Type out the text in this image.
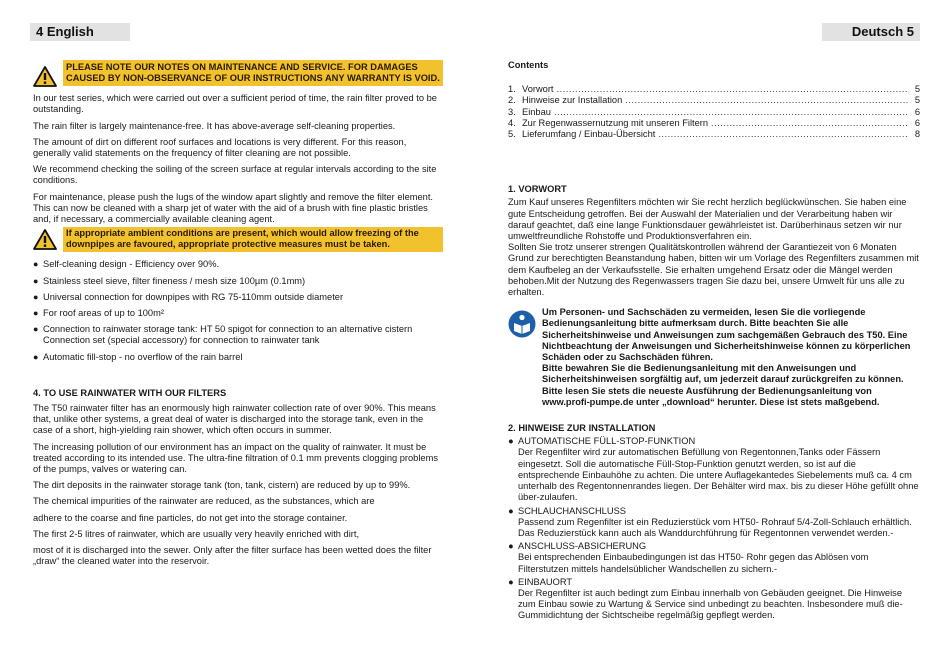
4 English	Deutsch 5
PLEASE NOTE OUR NOTES ON MAINTENANCE AND SERVICE. FOR DAMAGES CAUSED BY NON-OBSERVANCE OF OUR INSTRUCTIONS ANY WARRANTY IS VOID.

In our test series, which were carried out over a sufficient period of time, the rain filter proved to be outstanding.

The rain filter is largely maintenance-free. It has above-average self-cleaning properties.

The amount of dirt on different roof surfaces and locations is very different. For this reason, generally valid statements on the frequency of filter cleaning are not possible.

We recommend checking the soiling of the screen surface at regular intervals according to the site conditions.

For maintenance, please push the lugs of the window apart slightly and remove the filter element. This can now be cleaned with a sharp jet of water with the aid of a brush with fine plastic bristles and, if necessary, a commercially available cleaning agent.

If appropriate ambient conditions are present, which would allow freezing of the downpipes are favoured, appropriate protective measures must be taken.
● Self-cleaning design - Efficiency over 90%.
● Stainless steel sieve, filter fineness / mesh size 100µm (0.1mm)
● Universal connection for downpipes with RG 75-110mm outside diameter
● For roof areas of up to 100m²
● Connection to rainwater storage tank: HT 50 spigot for connection to an alternative cistern
Connection set (special accessory) for connection to rainwater tank
● Automatic fill-stop - no overflow of the rain barrel

4. TO USE RAINWATER WITH OUR FILTERS

The T50 rainwater filter has an enormously high rainwater collection rate of over 90%. This means that, unlike other systems, a great deal of water is discharged into the storage tank, even in the case of a short, high-yielding rain shower, which often occurs in summer.

The increasing pollution of our environment has an impact on the quality of rainwater. It must be treated according to its intended use. The ultra-fine filtration of 0.1 mm prevents clogging problems of the pumps, valves or watering can.

The dirt deposits in the rainwater storage tank (ton, tank, cistern) are reduced by up to 99%.

The chemical impurities of the rainwater are reduced, as the substances, which are

adhere to the coarse and fine particles, do not get into the storage container.

The first 2-5 litres of rainwater, which are usually very heavily enriched with dirt,

most of it is discharged into the sewer. Only after the filter surface has been wetted does the filter „draw“ the cleaned water into the reservoir.

Contents

1. Vorwort .....	5
2. Hinweise zur Installation .....	5
3. Einbau .....	6
4. Zur Regenwassernutzung mit unseren Filtern .....	6
5. Lieferumfang / Einbau-Übersicht .....	8

1. VORWORT

Zum Kauf unseres Regenfilters möchten wir Sie recht herzlich beglückwünschen. Sie haben eine gute Entscheidung getroffen. Bei der Auswahl der Materialien und der Verarbeitung haben wir darauf geachtet, daß eine lange Funktionsdauer gewährleistet ist. Darüberhinaus setzen wir nur umweltfreundliche Rohstoffe und Produktionsverfahren ein.

Sollten Sie trotz unserer strengen Qualitätskontrollen während der Garantiezeit von 6 Monaten Grund zur berechtigten Beanstandung haben, bitten wir um Vorlage des Regenfilters zusammen mit dem Kaufbeleg an der Verkaufsstelle. Sie erhalten umgehend Ersatz oder die Mängel werden behoben.Mit der Nutzung des Regenwassers tragen Sie dazu bei, unsere Umwelt für uns alle zu erhalten.

Um Personen- und Sachschäden zu vermeiden, lesen Sie die vorliegende Bedienungsanleitung bitte aufmerksam durch. Bitte beachten Sie alle Sicherheitshinweise und Anweisungen zum sachgemäßen Gebrauch des T50. Eine Nichtbeachtung der Anweisungen und Sicherheitshinweise können zu körperlichen Schäden oder zu Sachschäden führen.

Bitte bewahren Sie die Bedienungsanleitung mit den Anweisungen und Sicherheitshinweisen sorgfältig auf, um jederzeit darauf zurückgreifen zu können. Bitte lesen Sie stets die neueste Ausführung der Bedienungsanleitung von www.profi-pumpe.de unter „download“ herunter. Diese ist stets maßgebend.

2. HINWEISE ZUR INSTALLATION

● AUTOMATISCHE FÜLL-STOP-FUNKTION
Der Regenfilter wird zur automatischen Befüllung von Regentonnen,Tanks oder Fässern eingesetzt. Soll die automatische Füll-Stop-Funktion genutzt werden, so ist auf die entsprechende Einbauhöhe zu achten. Die untere Auflagekantedes Siebelements muß ca. 4 cm unterhalb des Regentonnenrandes liegen. Der Behälter wird max. bis zu dieser Höhe gefüllt ohne über-zulaufen.
● SCHLAUCHANSCHLUSS
Passend zum Regenfilter ist ein Reduzierstück vom HT50- Rohrauf 5/4-Zoll-Schlauch erhältlich. Das Reduzierstück kann auch als Wanddurchführung für Regentonnen verwendet werden.-
● ANSCHLUSS-ABSICHERUNG
Bei entsprechenden Einbaubedingungen ist das HT50- Rohr gegen das Ablösen vom Filterstutzen mittels handelsüblicher Wandschellen zu sichern.-
● EINBAUORT
Der Regenfilter ist auch bedingt zum Einbau innerhalb von Gebäuden geeignet. Die Hinweise zum Einbau sowie zu Wartung & Service sind unbedingt zu beachten. Insbesondere muß die-Gummidichtung der Sichtscheibe regelmäßig gepflegt werden.
